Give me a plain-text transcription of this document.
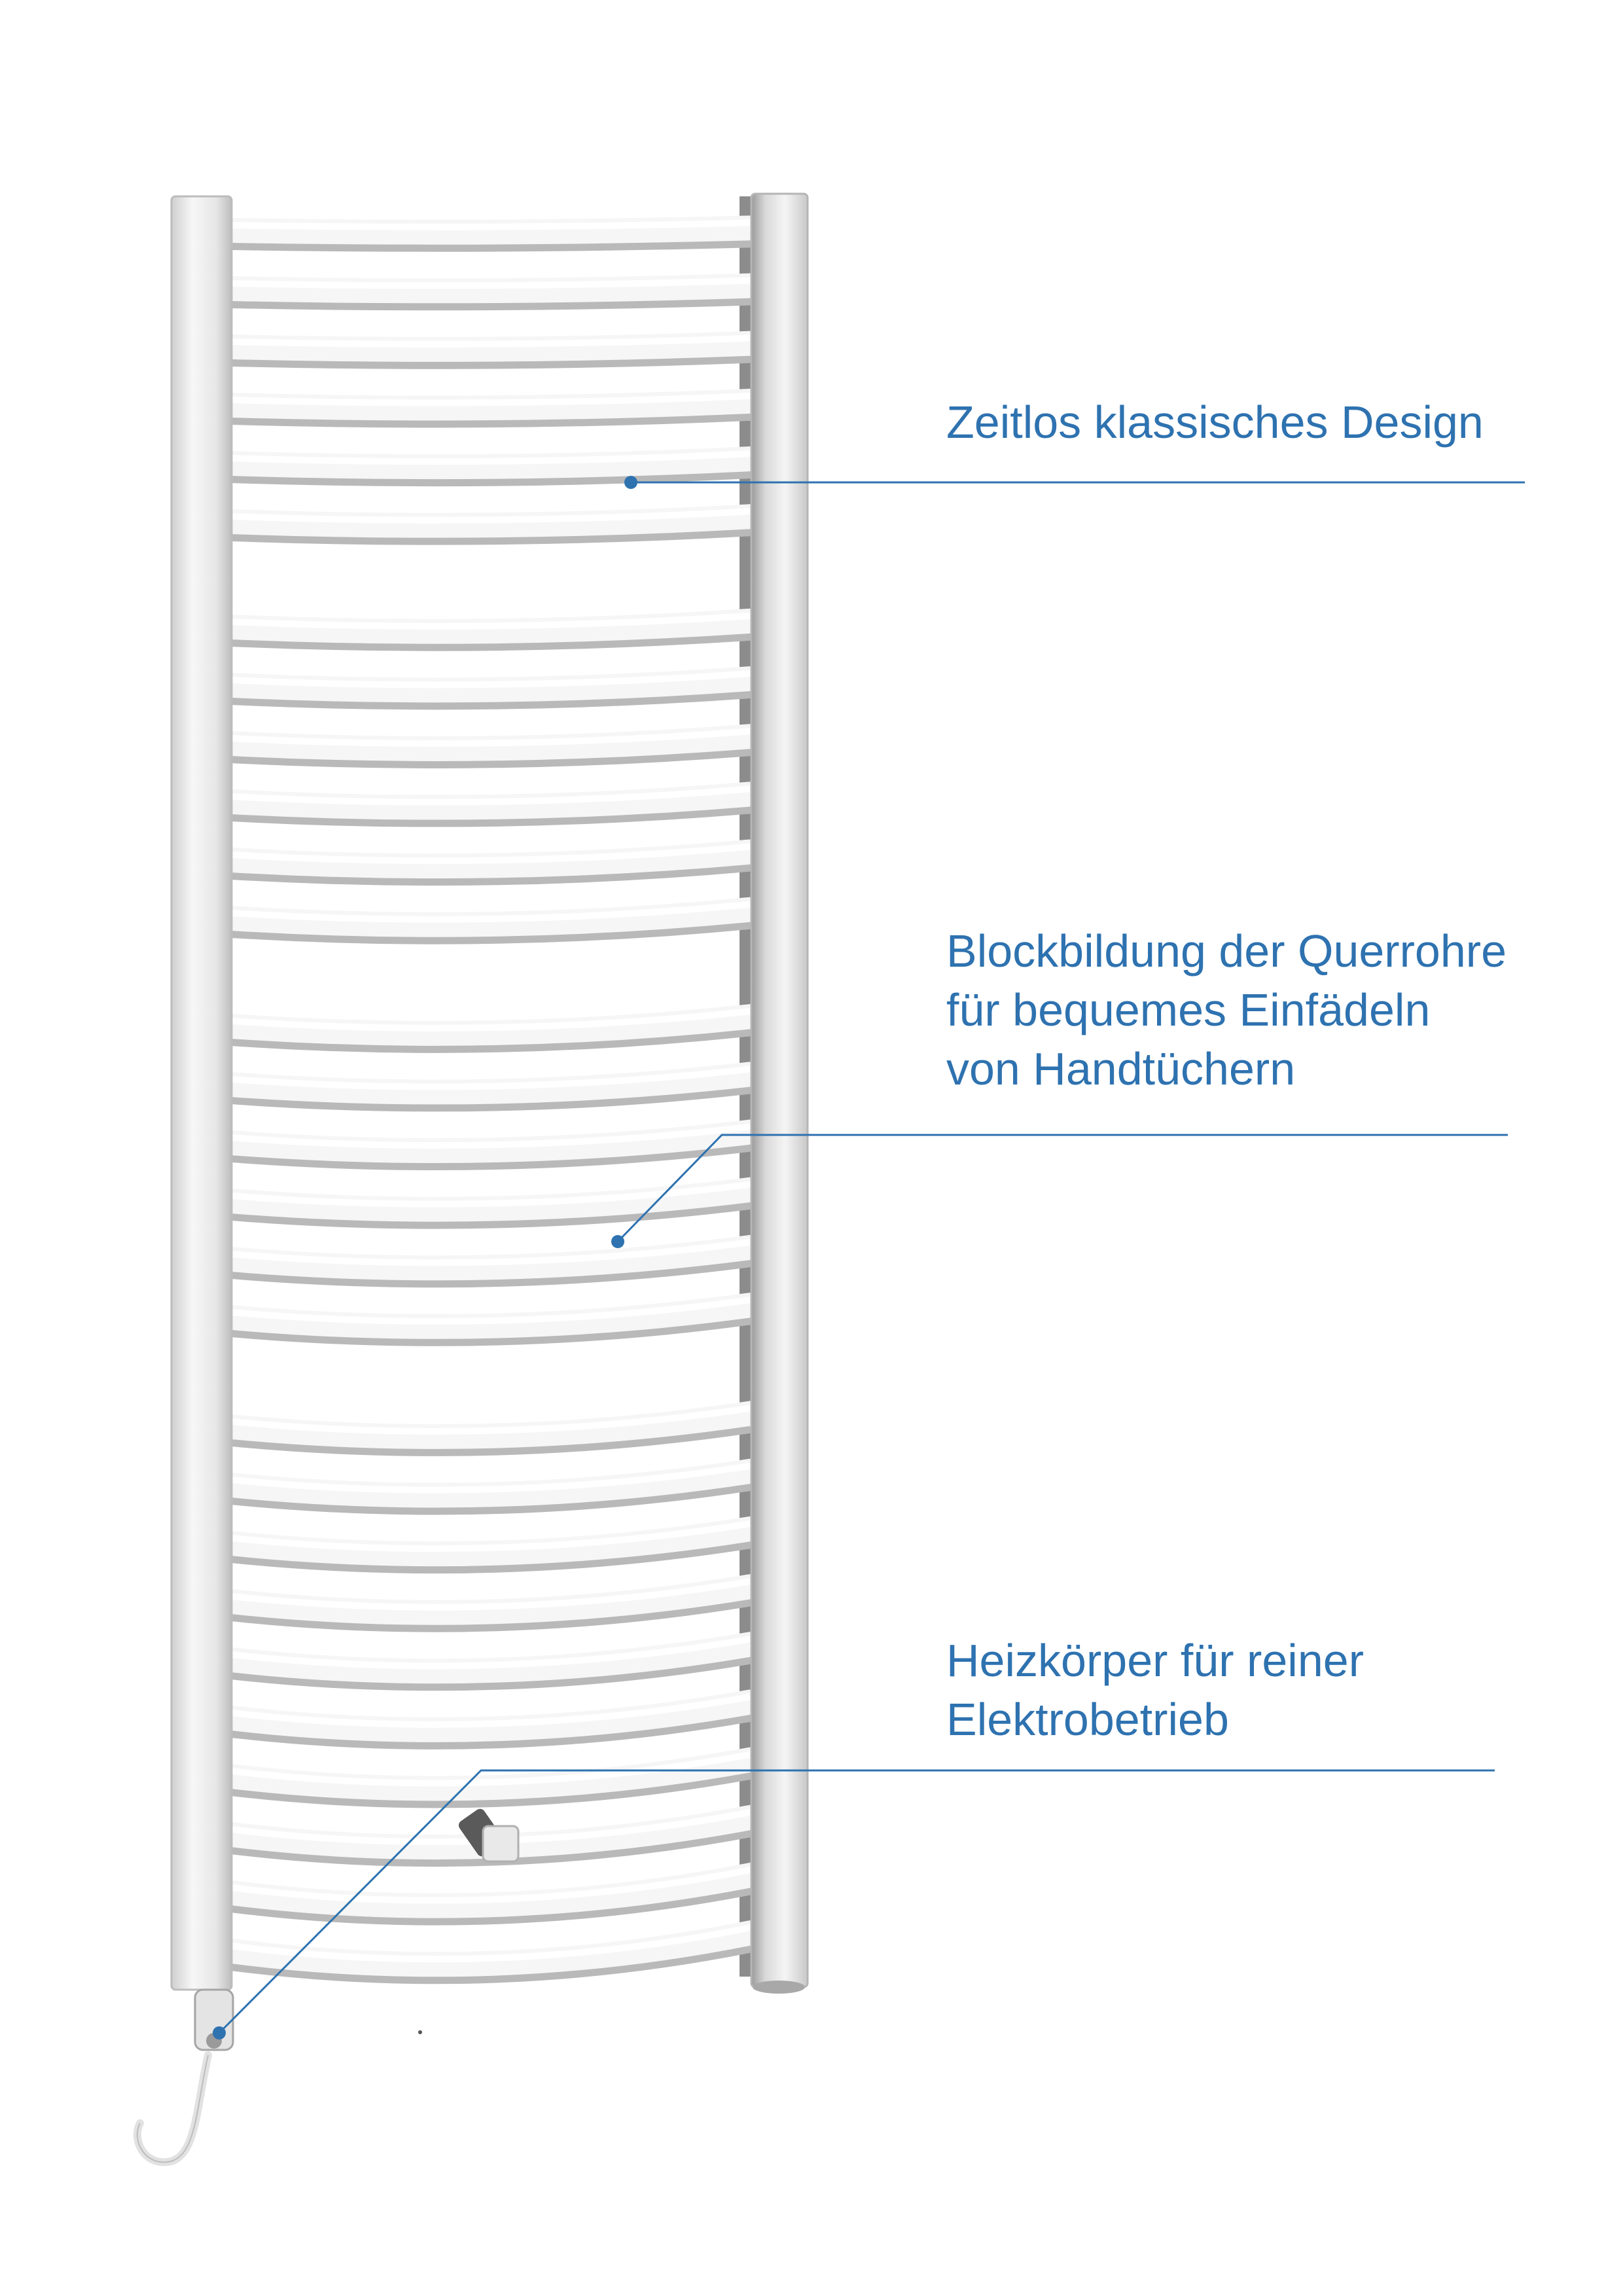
Zeitlos klassisches Design
Blockbildung der Querrohre
für bequemes Einfädeln
von Handtüchern
Heizkörper für reiner
Elektrobetrieb
